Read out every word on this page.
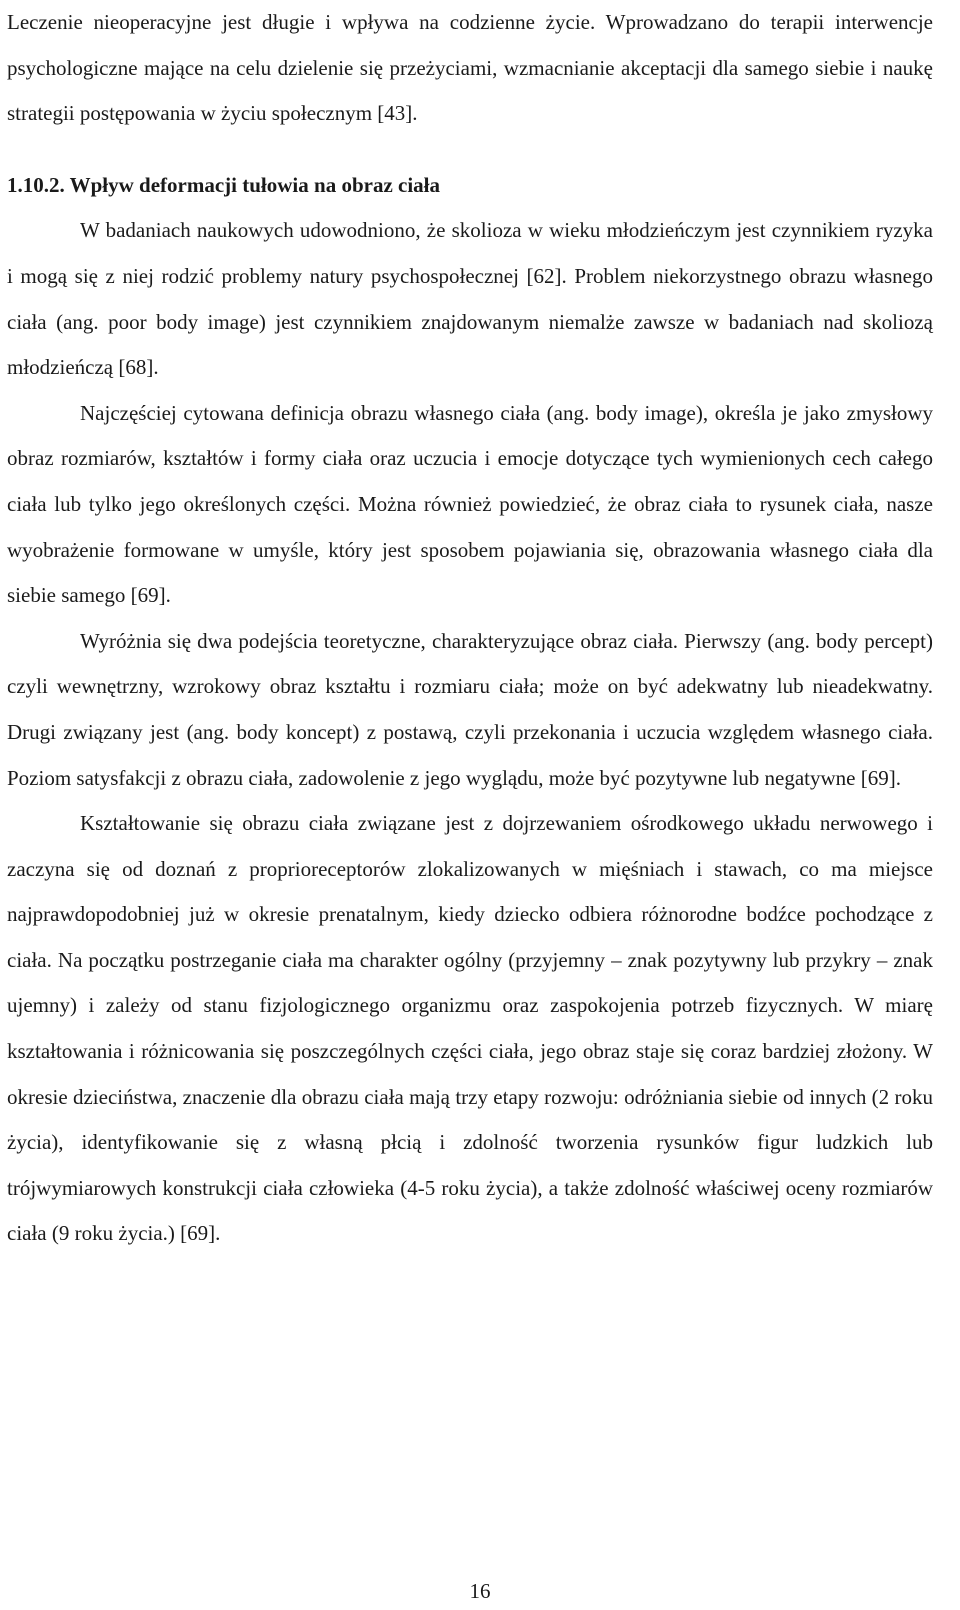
Leczenie nieoperacyjne jest długie i wpływa na codzienne życie. Wprowadzano do terapii interwencje psychologiczne mające na celu dzielenie się przeżyciami, wzmacnianie akceptacji dla samego siebie i naukę strategii postępowania w życiu społecznym [43].

1.10.2. Wpływ deformacji tułowia na obraz ciała

W badaniach naukowych udowodniono, że skolioza w wieku młodzieńczym jest czynnikiem ryzyka i mogą się z niej rodzić problemy natury psychospołecznej [62]. Problem niekorzystnego obrazu własnego ciała (ang. poor body image) jest czynnikiem znajdowanym niemalże zawsze w badaniach nad skoliozą młodzieńczą [68].

Najczęściej cytowana definicja obrazu własnego ciała (ang. body image), określa je jako zmysłowy obraz rozmiarów, kształtów i formy ciała oraz uczucia i emocje dotyczące tych wymienionych cech całego ciała lub tylko jego określonych części. Można również powiedzieć, że obraz ciała to rysunek ciała, nasze wyobrażenie formowane w umyśle, który jest sposobem pojawiania się, obrazowania własnego ciała dla siebie samego [69].

Wyróżnia się dwa podejścia teoretyczne, charakteryzujące obraz ciała. Pierwszy (ang. body percept) czyli wewnętrzny, wzrokowy obraz kształtu i rozmiaru ciała; może on być adekwatny lub nieadekwatny. Drugi związany jest (ang. body koncept) z postawą, czyli przekonania i uczucia względem własnego ciała. Poziom satysfakcji z obrazu ciała, zadowolenie z jego wyglądu, może być pozytywne lub negatywne [69].

Kształtowanie się obrazu ciała związane jest z dojrzewaniem ośrodkowego układu nerwowego i zaczyna się od doznań z proprioreceptorów zlokalizowanych w mięśniach i stawach, co ma miejsce najprawdopodobniej już w okresie prenatalnym, kiedy dziecko odbiera różnorodne bodźce pochodzące z ciała. Na początku postrzeganie ciała ma charakter ogólny (przyjemny – znak pozytywny lub przykry – znak ujemny) i zależy od stanu fizjologicznego organizmu oraz zaspokojenia potrzeb fizycznych. W miarę kształtowania i różnicowania się poszczególnych części ciała, jego obraz staje się coraz bardziej złożony. W okresie dzieciństwa, znaczenie dla obrazu ciała mają trzy etapy rozwoju: odróżniania siebie od innych (2 roku życia), identyfikowanie się z własną płcią i zdolność tworzenia rysunków figur ludzkich lub trójwymiarowych konstrukcji ciała człowieka (4-5 roku życia), a także zdolność właściwej oceny rozmiarów ciała (9 roku życia.) [69].

16
